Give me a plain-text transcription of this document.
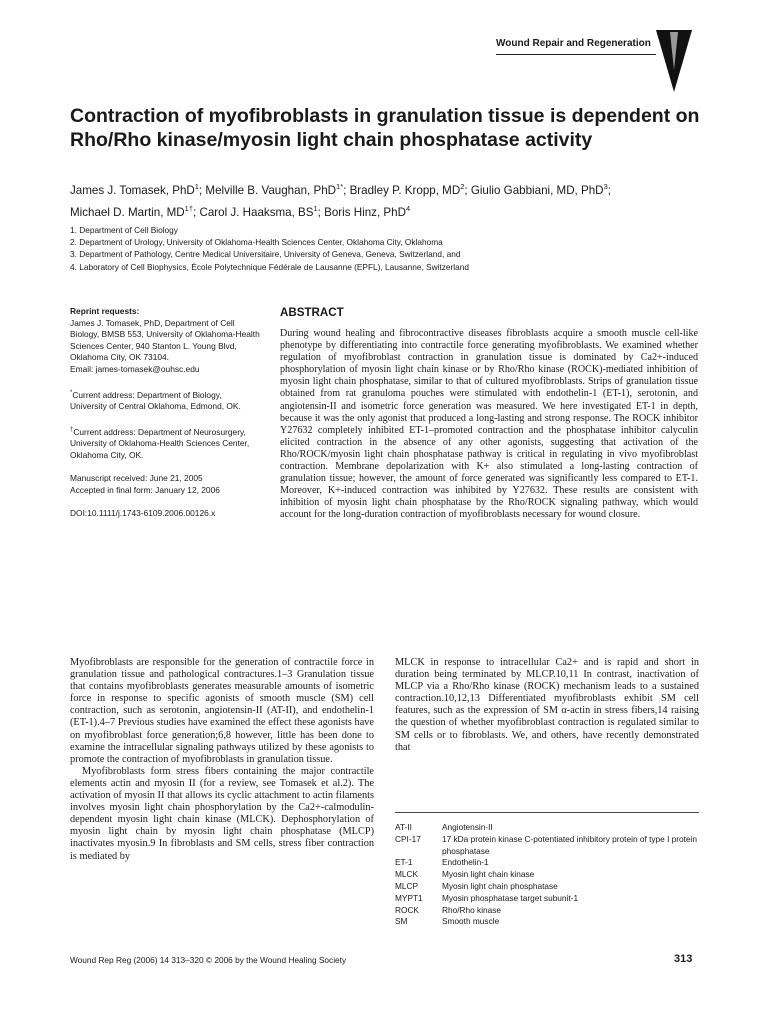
Wound Repair and Regeneration
Contraction of myofibroblasts in granulation tissue is dependent on Rho/Rho kinase/myosin light chain phosphatase activity
James J. Tomasek, PhD$^1$; Melville B. Vaughan, PhD$^{1*}$; Bradley P. Kropp, $MD^2$; Giulio Gabbiani, MD, PhD$^3$;
Michael D. Martin, $MD^{1\dagger}$; Carol J. Haaksma, $BS^1$; Boris Hinz, PhD$^4$
1. Department of Cell Biology
2. Department of Urology, University of Oklahoma-Health Sciences Center, Oklahoma City, Oklahoma
3. Department of Pathology, Centre Medical Universitaire, University of Geneva, Geneva, Switzerland, and
4. Laboratory of Cell Biophysics, École Polytechnique Fédérale de Lausanne (EPFL), Lausanne, Switzerland

Reprint requests:
James J. Tomasek, PhD, Department of Cell Biology, BMSB 553, University of Oklahoma-Health Sciences Center, 940 Stanton L. Young Blvd, Oklahoma City, OK 73104.
Email: james-tomasek@ouhsc.edu

*Current address: Department of Biology, University of Central Oklahoma, Edmond, OK.

†Current address: Department of Neurosurgery, University of Oklahoma-Health Sciences Center, Oklahoma City, OK.

Manuscript received: June 21, 2005
Accepted in final form: January 12, 2006

DOI:10.1111/j.1743-6109.2006.00126.x

ABSTRACT

During wound healing and fibrocontractive diseases fibroblasts acquire a smooth muscle cell-like phenotype by differentiating into contractile force generating myofibroblasts. We examined whether regulation of myofibroblast contraction in granulation tissue is dominated by Ca2+-induced phosphorylation of myosin light chain kinase or by Rho/Rho kinase (ROCK)-mediated inhibition of myosin light chain phosphatase, similar to that of cultured myofibroblasts. Strips of granulation tissue obtained from rat granuloma pouches were stimulated with endothelin-1 (ET-1), serotonin, and angiotensin-II and isometric force generation was measured. We here investigated ET-1 in depth, because it was the only agonist that produced a long-lasting and strong response. The ROCK inhibitor Y27632 completely inhibited ET-1–promoted contraction and the phosphatase inhibitor calyculin elicited contraction in the absence of any other agonists, suggesting that activation of the Rho/ROCK/myosin light chain phosphatase pathway is critical in regulating in vivo myofibroblast contraction. Membrane depolarization with K+ also stimulated a long-lasting contraction of granulation tissue; however, the amount of force generated was significantly less compared to ET-1. Moreover, K+-induced contraction was inhibited by Y27632. These results are consistent with inhibition of myosin light chain phosphatase by the Rho/ROCK signaling pathway, which would account for the long-duration contraction of myofibroblasts necessary for wound closure.

Myofibroblasts are responsible for the generation of contractile force in granulation tissue and pathological contractures.1–3 Granulation tissue that contains myofibroblasts generates measurable amounts of isometric force in response to specific agonists of smooth muscle (SM) cell contraction, such as serotonin, angiotensin-II (AT-II), and endothelin-1 (ET-1).4–7 Previous studies have examined the effect these agonists have on myofibroblast force generation;6,8 however, little has been done to examine the intracellular signaling pathways utilized by these agonists to promote the contraction of myofibroblasts in granulation tissue.

Myofibroblasts form stress fibers containing the major contractile elements actin and myosin II (for a review, see Tomasek et al.2). The activation of myosin II that allows its cyclic attachment to actin filaments involves myosin light chain phosphorylation by the Ca2+-calmodulin-dependent myosin light chain kinase (MLCK). Dephosphorylation of myosin light chain by myosin light chain phosphatase (MLCP) inactivates myosin.9 In fibroblasts and SM cells, stress fiber contraction is mediated by

MLCK in response to intracellular Ca2+ and is rapid and short in duration being terminated by MLCP.10,11 In contrast, inactivation of MLCP via a Rho/Rho kinase (ROCK) mechanism leads to a sustained contraction.10,12,13 Differentiated myofibroblasts exhibit SM cell features, such as the expression of SM α-actin in stress fibers,14 raising the question of whether myofibroblast contraction is regulated similar to SM cells or to fibroblasts. We, and others, have recently demonstrated that

AT-II	Angiotensin-II
CPI-17	17 kDa protein kinase C-potentiated inhibitory protein of type I protein phosphatase
ET-1	Endothelin-1
MLCK	Myosin light chain kinase
MLCP	Myosin light chain phosphatase
MYPT1	Myosin phosphatase target subunit-1
ROCK	Rho/Rho kinase
SM	Smooth muscle
Wound Rep Reg (2006) 14 313–320 © 2006 by the Wound Healing Society	313
